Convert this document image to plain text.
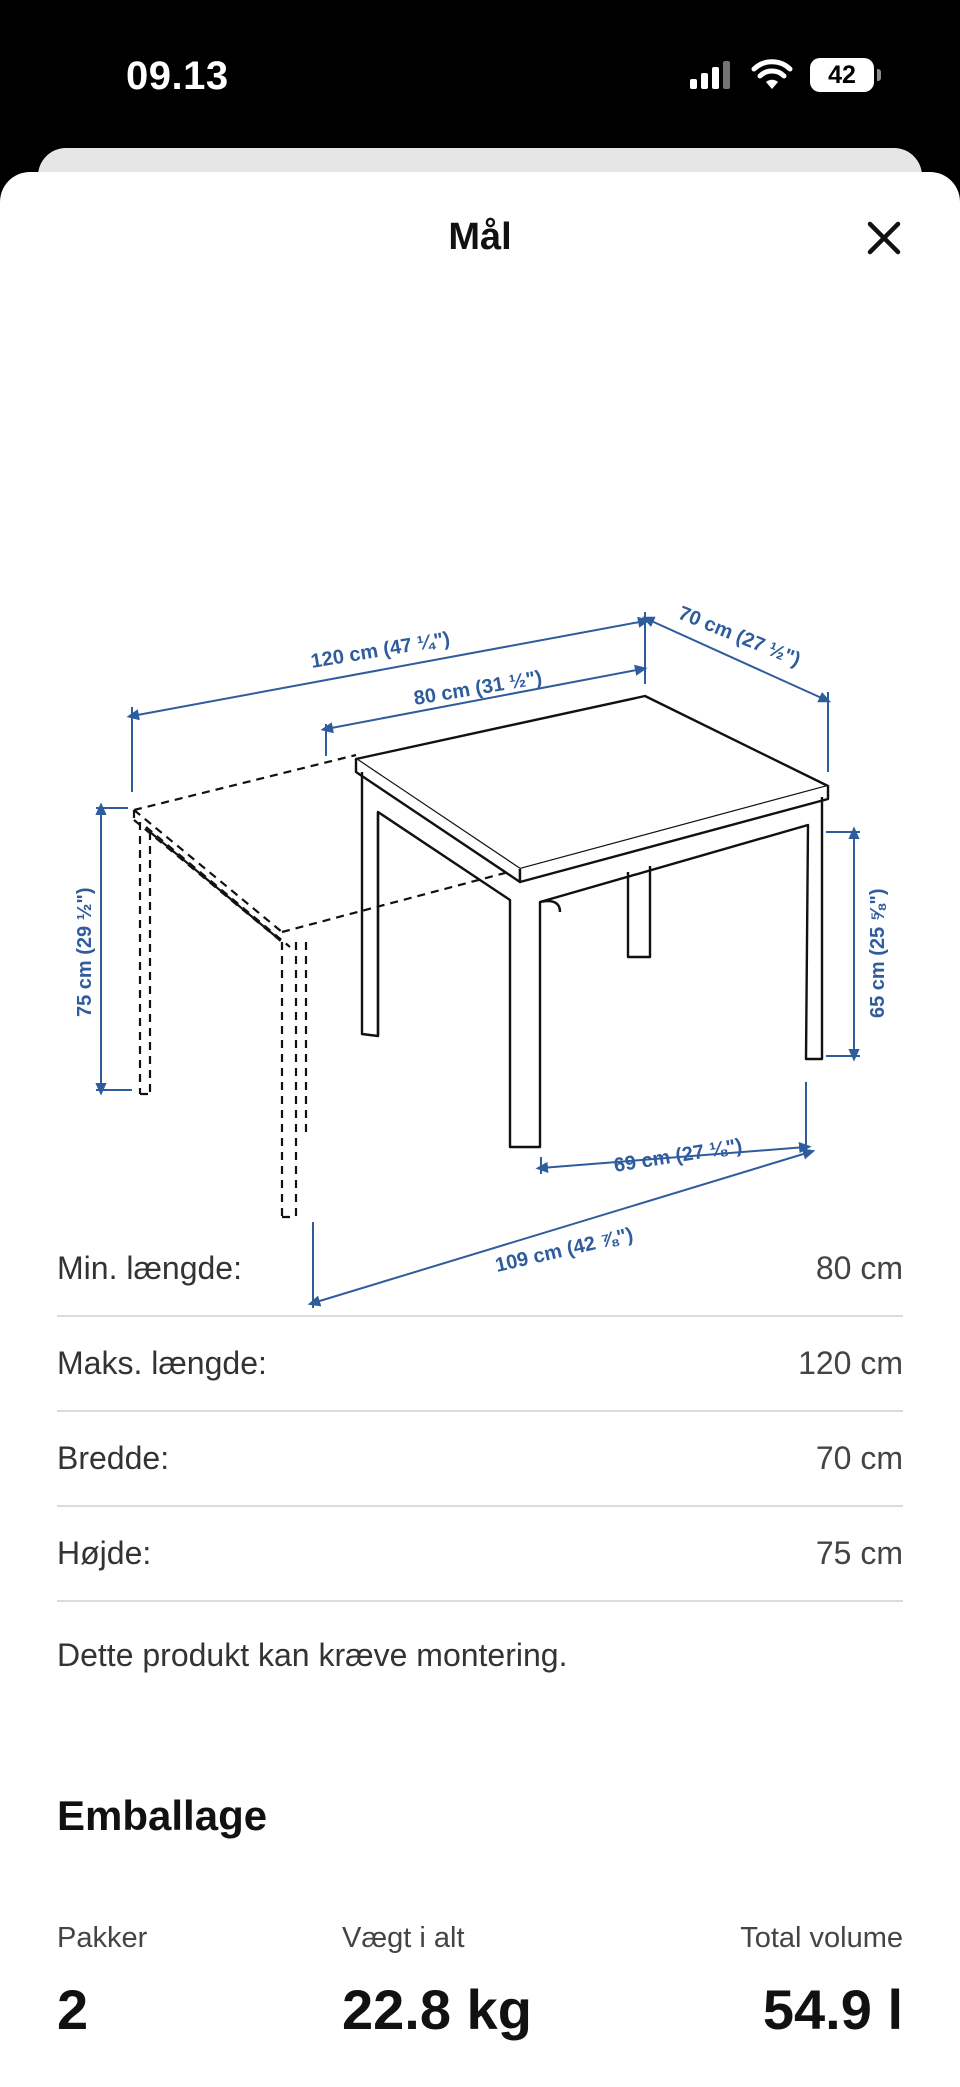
09.13	42
Mål
120 cm (47 ¼")
80 cm (31 ½")
70 cm (27 ½")
75 cm (29 ½")	65 cm (25 ⅝")
69 cm (27 ⅛")
109 cm (42 ⅞")
Min. længde:	80 cm
Maks. længde:	120 cm
Bredde:	70 cm
Højde:	75 cm
Dette produkt kan kræve montering.
Emballage
Pakker
2
Vægt i alt
22.8 kg
Total volume
54.9 l
